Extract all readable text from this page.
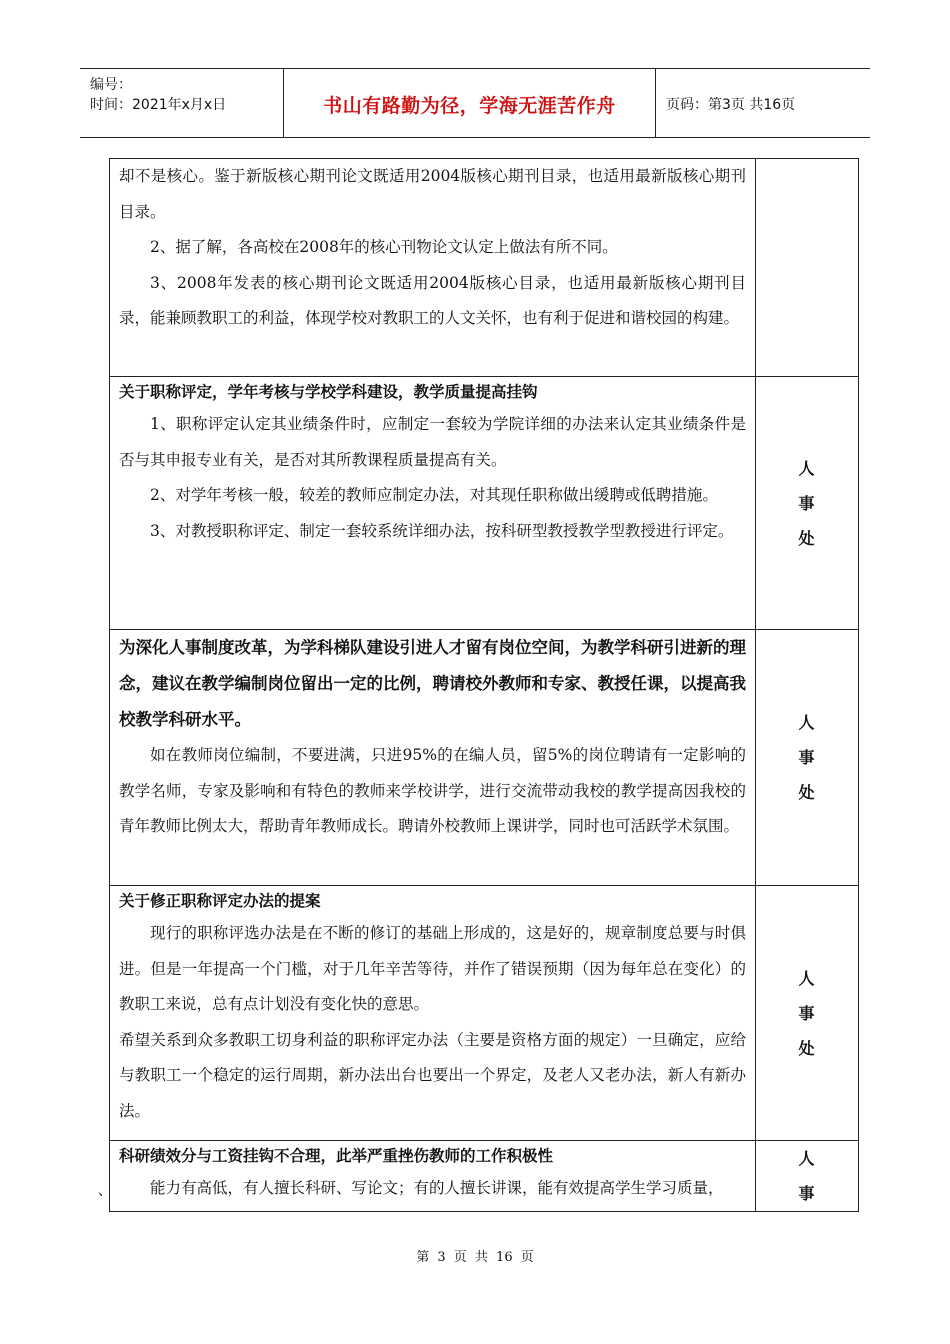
编号：
时间：2021年x月x日	书山有路勤为径，学海无涯苦作舟	页码：第3页 共16页

却不是核心。鉴于新版核心期刊论文既适用2004版核心期刊目录，也适用最新版核心期刊目录。

2、据了解，各高校在2008年的核心刊物论文认定上做法有所不同。

3、2008年发表的核心期刊论文既适用2004版核心目录，也适用最新版核心期刊目录，能兼顾教职工的利益，体现学校对教职工的人文关怀，也有利于促进和谐校园的构建。

关于职称评定，学年考核与学校学科建设，教学质量提高挂钩

1、职称评定认定其业绩条件时，应制定一套较为学院详细的办法来认定其业绩条件是否与其申报专业有关，是否对其所教课程质量提高有关。

2、对学年考核一般，较差的教师应制定办法，对其现任职称做出缓聘或低聘措施。

3、对教授职称评定、制定一套较系统详细办法，按科研型教授教学型教授进行评定。

人
事
处

为深化人事制度改革，为学科梯队建设引进人才留有岗位空间，为教学科研引进新的理念，建议在教学编制岗位留出一定的比例，聘请校外教师和专家、教授任课，以提高我校教学科研水平。

如在教师岗位编制，不要进满，只进95%的在编人员，留5%的岗位聘请有一定影响的教学名师，专家及影响和有特色的教师来学校讲学，进行交流带动我校的教学提高因我校的青年教师比例太大，帮助青年教师成长。聘请外校教师上课讲学，同时也可活跃学术氛围。

人
事
处

关于修正职称评定办法的提案

现行的职称评选办法是在不断的修订的基础上形成的，这是好的，规章制度总要与时俱进。但是一年提高一个门槛，对于几年辛苦等待，并作了错误预期（因为每年总在变化）的教职工来说，总有点计划没有变化快的意思。

希望关系到众多教职工切身利益的职称评定办法（主要是资格方面的规定）一旦确定，应给与教职工一个稳定的运行周期，新办法出台也要出一个界定，及老人又老办法，新人有新办法。

人
事
处

科研绩效分与工资挂钩不合理，此举严重挫伤教师的工作积极性

能力有高低，有人擅长科研、写论文；有的人擅长讲课，能有效提高学生学习质量，

人
事
、
第 3 页 共 16 页
